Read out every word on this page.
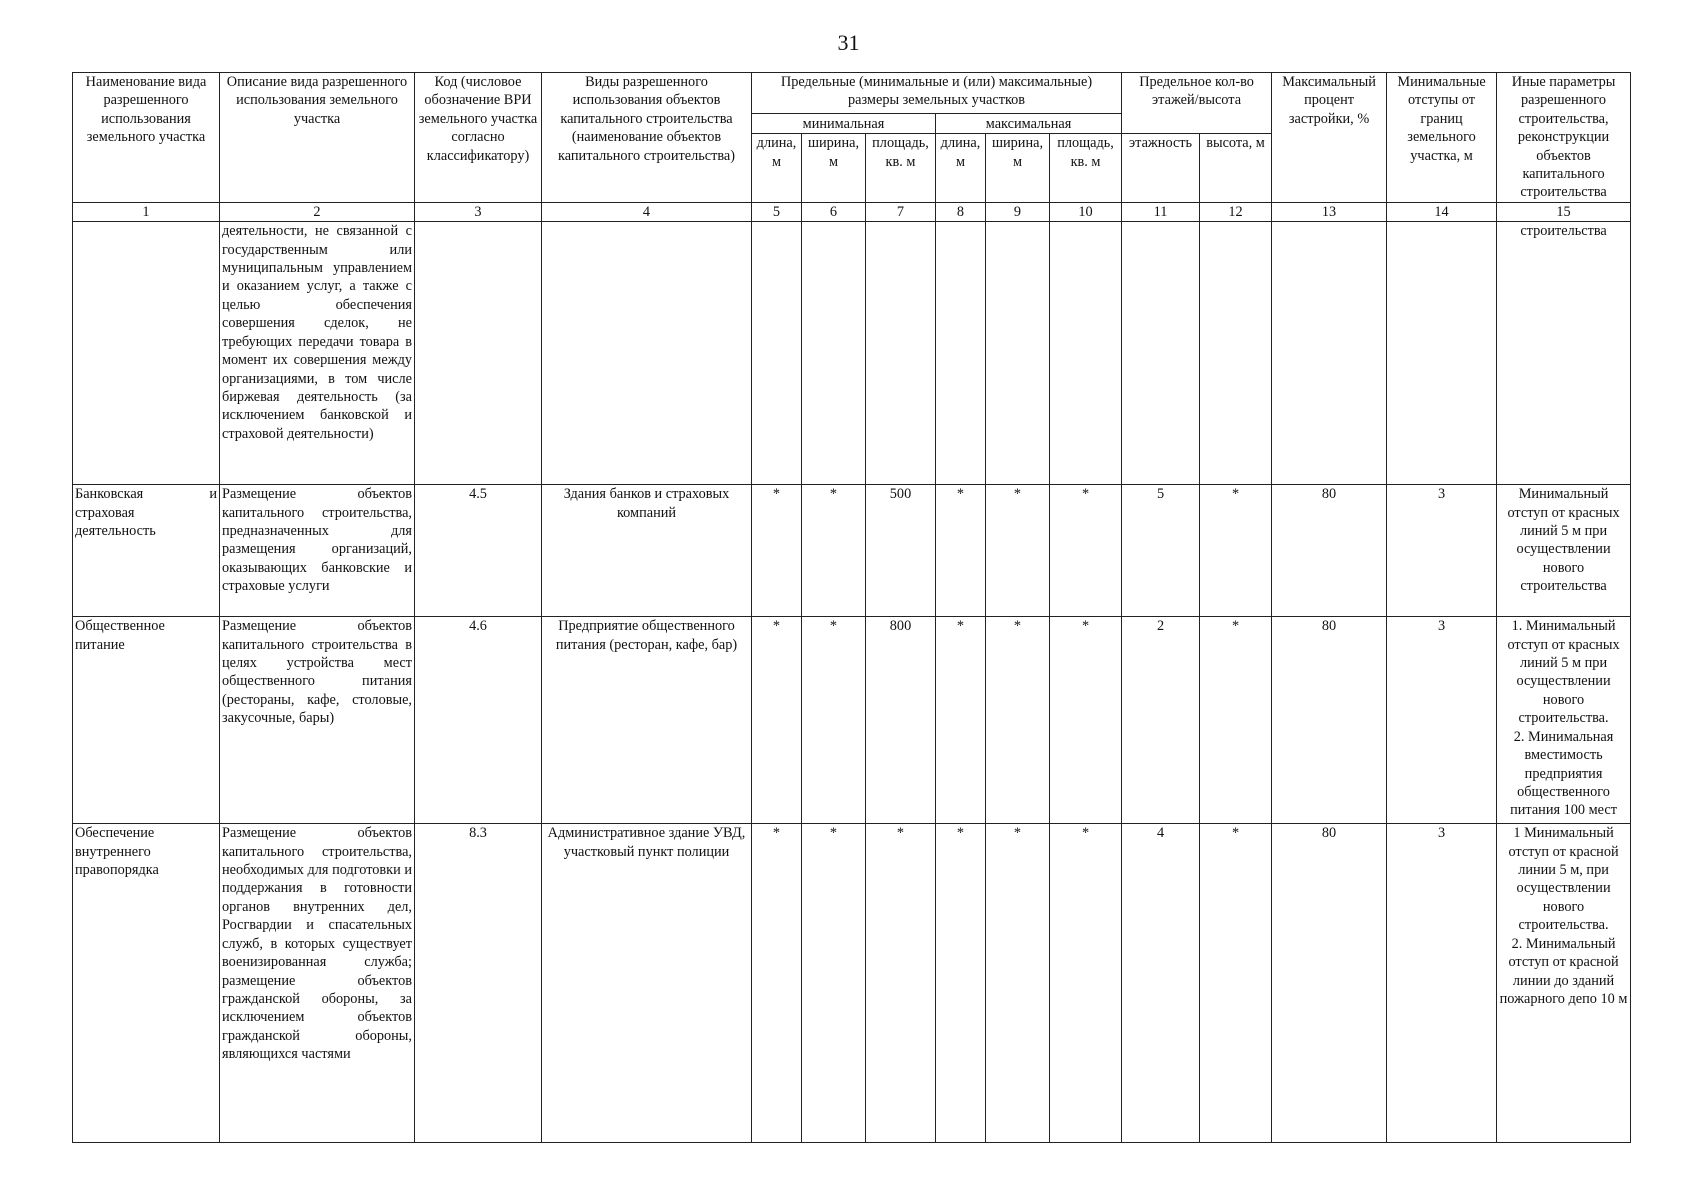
31
Наименование вида разрешенного использования земельного участка	Описание вида разрешенного использования земельного участка	Код (числовое обозначение ВРИ земельного участка согласно классификатору)	Виды разрешенного использования объектов капитального строительства (наименование объектов капитального строительства)	Предельные (минимальные и (или) максимальные) размеры земельных участков						Предельное кол-во этажей/высота		Максимальный процент застройки, %	Минимальные отступы от границ земельного участка, м	Иные параметры разрешенного строительства, реконструкции объектов капитального строительства
				минимальная			максимальная							
				длина, м	ширина, м	площадь, кв. м	длина, м	ширина, м	площадь, кв. м	этажность	высота, м			
1	2	3	4	5	6	7	8	9	10	11	12	13	14	15
	деятельности, не связанной с государственным или муниципальным управлением и оказанием услуг, а также с целью обеспечения совершения сделок, не требующих передачи товара в момент их совершения между организациями, в том числе биржевая деятельность (за исключением банковской и страховой деятельности)													строительства

Банковская и страховая деятельность	Размещение объектов капитального строительства, предназначенных для размещения организаций, оказывающих банковские и страховые услуги	4.5	Здания банков и страховых компаний	*	*	500	*	*	*	5	*	80	3	Минимальный отступ от красных линий 5 м при осуществлении нового строительства

Общественное питание	Размещение объектов капитального строительства в целях устройства мест общественного питания (рестораны, кафе, столовые, закусочные, бары)	4.6	Предприятие общественного питания (ресторан, кафе, бар)	*	*	800	*	*	*	2	*	80	3	1. Минимальный отступ от красных линий 5 м при осуществлении нового строительства.
2. Минимальная вместимость предприятия общественного питания 100 мест

Обеспечение внутреннего правопорядка	Размещение объектов капитального строительства, необходимых для подготовки и поддержания в готовности органов внутренних дел, Росгвардии и спасательных служб, в которых существует военизированная служба; размещение объектов гражданской обороны, за исключением объектов гражданской обороны, являющихся частями	8.3	Административное здание УВД, участковый пункт полиции	*	*	*	*	*	*	4	*	80	3	1 Минимальный отступ от красной линии 5 м, при осуществлении нового строительства.
2. Минимальный отступ от красной линии до зданий пожарного депо 10 м
